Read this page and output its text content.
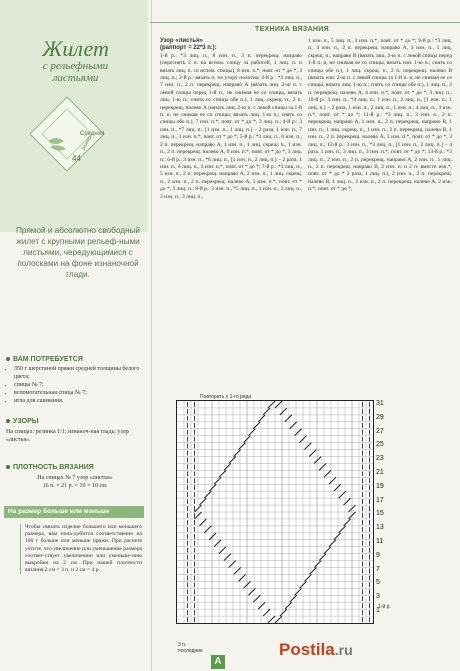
Жилет
с рельефными
листьями
Средняя
размер
44
Прямой и абсолютно свободный жилет с крупными рельеф-ными листьями, чередующимися с полосками на фоне изнаночной глади.
ВАМ ПОТРЕБУЕТСЯ
• 350 г шерстяной пряжи средней толщины белого цвета;
• спицы № 7;
• вспомогательная спица № 7;
• игла для сшивания.
УЗОРЫ
На спицах: резинка 1/1; изнаноч-ная гладь; узор «листья».
ПЛОТНОСТЬ ВЯЗАНИЯ
На спицах № 7 узор «листья»
16 п. × 21 р. = 10 × 10 см.
На размер больше или меньше
Чтобы связать изделие большего или меньшего размера, вам пона-добится соответственно на 100 г больше или меньше пряжи. При расчете учтите, что увеличение или уменьшение размера соответ-ствует увеличению или уменьше-нию выкройки на 2 см. При нашей плотности вязания 2 см = 3 п. и 2 см = 4 р.
ТЕХНИКА ВЯЗАНИЯ
Узор «листья»
(раппорт = 22*3 п.):
1-й р.: *3 лиц. п., 8 изн. п., 3 п. перекрещ. направо (переснять 2 п. на вспом. спицу за работой, 1 лиц. п. и вязать лиц. п. со вспом. спицы), 8 изн. п.*, повт. от * до *, 3 лиц. п.; 2-й р.: вязать п. по узору полотна; 3-й р.: *3 лиц. п., 7 изн. п., 2 п. перекрещ. направо А (вязать лиц. 2-ю п. с левой спицы перед 1-й п., не снимая ее со спицы, вязать лиц. 1-ю п.; снять со спицы обе п.), 1 лиц. скрещ. п., 2 п. перекрещ. налево А (вязать лиц. 2-ю п. с левой спицы за 1-й п. и, не снимая ее со спицы, вязать лиц. 1-ю п.; снять со спицы обе п.), 7 изн. п.*, повт. от * до *, 3 лиц. п.; 4-й р.: 3 изн. п., *7 лиц. п., [1 изн. п., 1 лиц. п.] − 2 раза, 1 изн. п., 7 лиц. п., 3 изн. п.*, повт. от * до *; 5-й р.: *3 лиц. п., 6 изн. п., 2 п. перекрещ. направо А, 1 изн. п., 1 лиц. скрещ. п., 1 изн. п., 2 п. перекрещ. налево А, 6 изн. п.*, повт. от * до *, 3 лиц. п.; 6-й р.: 3 изн. п., *6 лиц. п., [1 изн. п., 2 лиц. п.] − 2 раза, 1 изн. п., 6 лиц. п., 3 изн. п.*, повт. от * до *; 7-й р.: *3 лиц. п., 5 изн. п., 2 п. перекрещ. направо А, 2 изн. п., 1 лиц. скрещ. п., 2 изн. п., 2 п. перекрещ. налево А, 5 изн. п.*, повт. от * до *, 3 лиц. п.; 8-й р.: 3 изн. п., *5 лиц. п., 1 изн. п., 3 лиц. п., 3 изн. п., 3 лиц. п.,
1 изн. п., 5 лиц. п., 3 изн. п.*, повт. от * до *; 9-й р.: *3 лиц. п., 4 изн. п., 2 п. перекрещ. направо А, 3 изн. п., 1 лиц. скрещ. п., направо В (вязать лиц. 2-ю п. с левой спицы перед 1-й п. и, не снимая ее со спицы, вязать изн. 1-ю п.; снять со спицы обе п.), 1 лиц. скрещ. п., 2 п. перекрещ. налево В (вязать изн. 2-ю п. с левой спицы за 1-й п. и, не снимая ее со спицы, вязать лиц. 1-ю п.; снять со спицы обе п.), 1 лиц. п., 2 п. перекрещ. налево А, 4 изн. п.*, повт. от * до *, 3 лиц. п.; 10-й р.: 3 изн. п., *4 лиц. п., 1 изн. п., 2 лиц. п., [1 изн. п., 1 лиц. п.] − 2 раза, 1 изн. п., 2 лиц. п., 1 изн. п., 4 лиц. п., 3 изн. п.*, повт. от * до *; 11-й р.: *3 лиц. п., 3 изн. п., 2 п. перекрещ. направо А, 1 изн. п., 2 п. перекрещ. направо В, 1 изн. п., 1 лиц. скрещ. п., 1 изн. п., 2 п. перекрещ. налево В, 1 изн. п., 2 п. перекрещ. налево А, 3 изн. п.*, повт. от * до *, 3 лиц. п.; 12-й р.: 3 изн. п., *3 лиц. п., [1 изн. п., 2 лиц. п.] − 4 раза, 1 изн. п., 3 лиц. п., 3 изн. п.*, повт. от * до *; 13-й р.: *3 лиц. п., 2 изн. п., 2 п. перекрещ. направо А, 2 изн. п., 1 лиц. п., 2 п. перекрещ. направо В, 2 изн. п. и 2 п. вместе изн.*, повт. от * до * 2 раза, 1 лиц. п.), 2 изн. п., 2 п. перекрещ. налево В, 1 лиц. п., 2 изн. п., 2 п. перекрещ. налево А, 2 изн. п.*, повт. от * до *,
Повторить с 1-го ряда
31
29
27
25
23
21
19
17
15
13
11
9
7
5
3
1
1-й р.
3 п.
последние
A
Postila.ru
